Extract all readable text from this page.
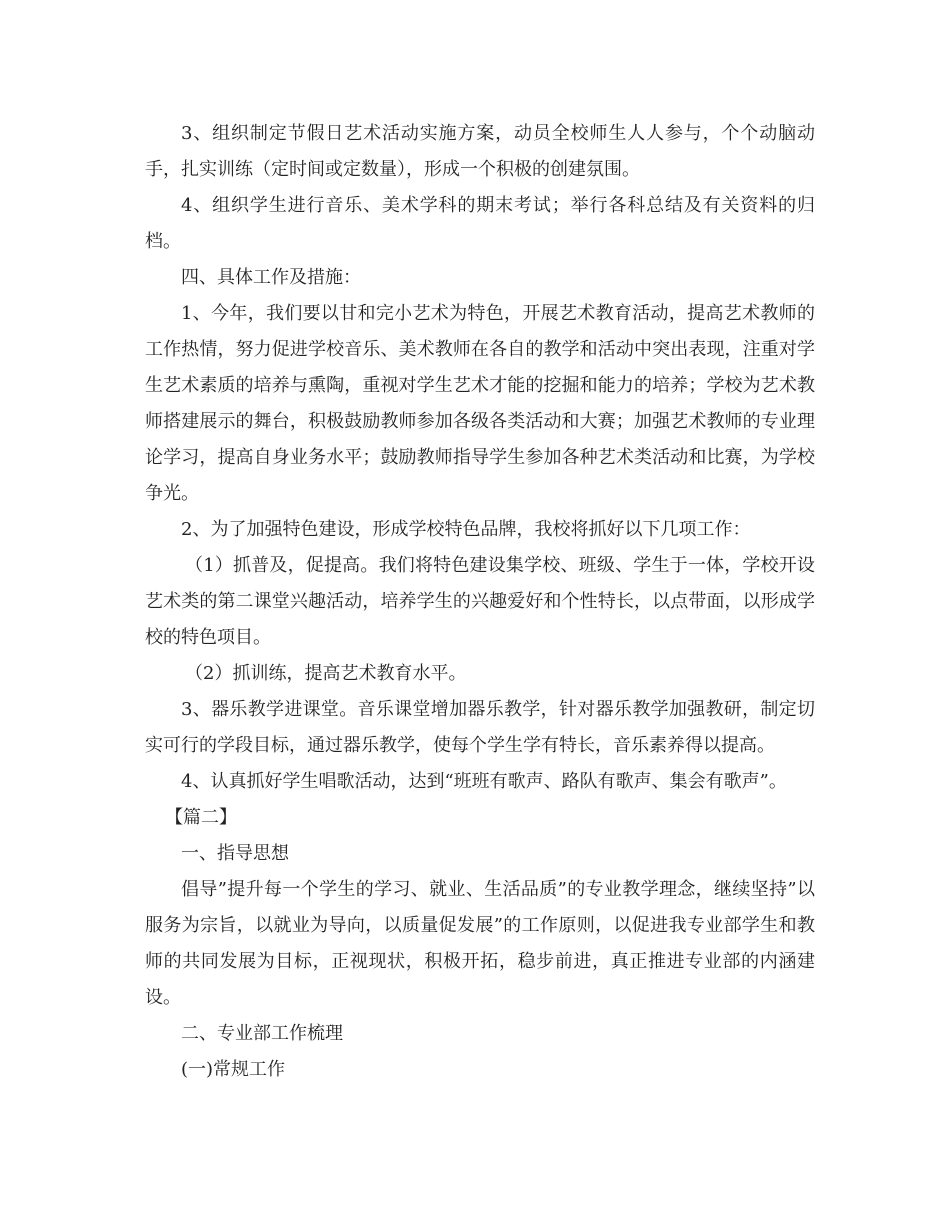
3、组织制定节假日艺术活动实施方案，动员全校师生人人参与，个个动脑动手，扎实训练（定时间或定数量），形成一个积极的创建氛围。

4、组织学生进行音乐、美术学科的期末考试；举行各科总结及有关资料的归档。

四、具体工作及措施：

1、今年，我们要以甘和完小艺术为特色，开展艺术教育活动，提高艺术教师的工作热情，努力促进学校音乐、美术教师在各自的教学和活动中突出表现，注重对学生艺术素质的培养与熏陶，重视对学生艺术才能的挖掘和能力的培养；学校为艺术教师搭建展示的舞台，积极鼓励教师参加各级各类活动和大赛；加强艺术教师的专业理论学习，提高自身业务水平；鼓励教师指导学生参加各种艺术类活动和比赛，为学校争光。

2、为了加强特色建设，形成学校特色品牌，我校将抓好以下几项工作：

（1）抓普及，促提高。我们将特色建设集学校、班级、学生于一体，学校开设艺术类的第二课堂兴趣活动，培养学生的兴趣爱好和个性特长，以点带面，以形成学校的特色项目。

（2）抓训练，提高艺术教育水平。

3、器乐教学进课堂。音乐课堂增加器乐教学，针对器乐教学加强教研，制定切实可行的学段目标，通过器乐教学，使每个学生学有特长，音乐素养得以提高。

4、认真抓好学生唱歌活动，达到“班班有歌声、路队有歌声、集会有歌声”。

【篇二】

一、指导思想

倡导”提升每一个学生的学习、就业、生活品质”的专业教学理念，继续坚持”以服务为宗旨，以就业为导向，以质量促发展”的工作原则，以促进我专业部学生和教师的共同发展为目标，正视现状，积极开拓，稳步前进，真正推进专业部的内涵建设。

二、专业部工作梳理

(一)常规工作
